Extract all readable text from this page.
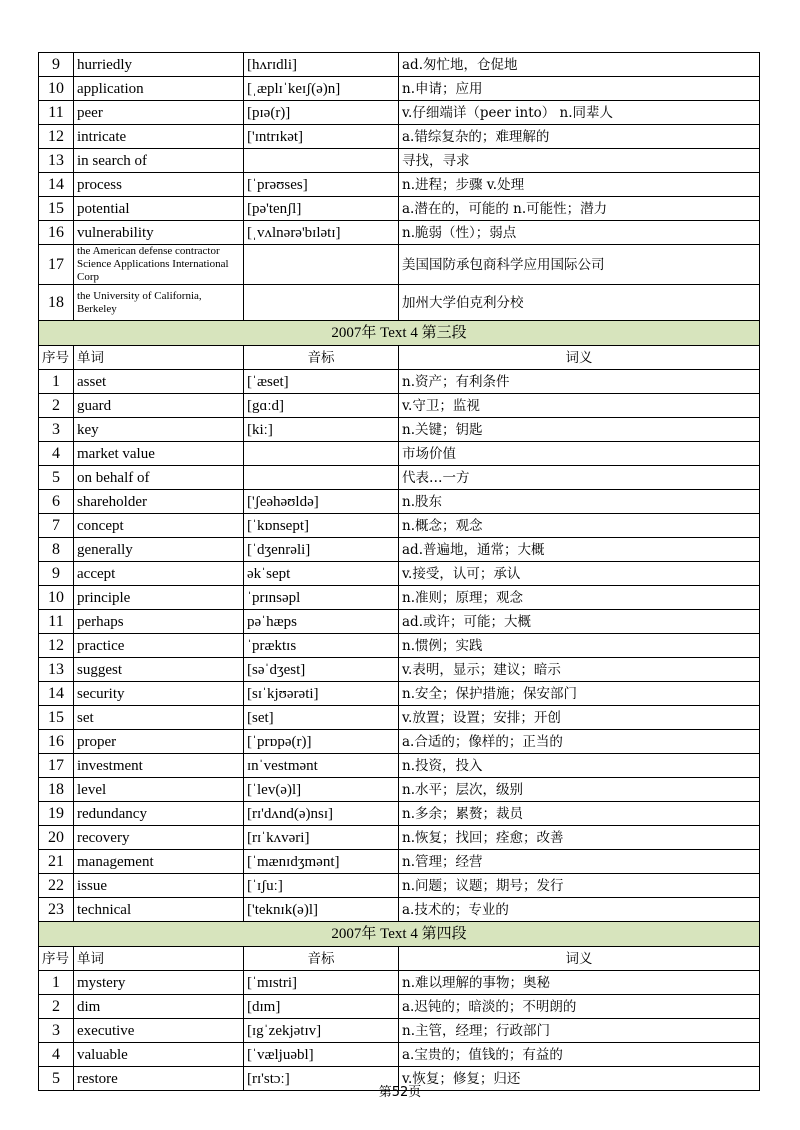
9	hurriedly	[hʌrɪdli]	ad.匆忙地，仓促地
10	application	[ˌæplɪˈkeɪʃ(ə)n]	n.申请；应用
11	peer	[pɪə(r)]	v.仔细端详（peer into） n.同辈人
12	intricate	['ɪntrɪkət]	a.错综复杂的；难理解的
13	in search of		寻找，寻求
14	process	[ˈprəʊses]	n.进程；步骤 v.处理
15	potential	[pə'tenʃl]	a.潜在的，可能的 n.可能性；潜力
16	vulnerability	[ˌvʌlnərə'bɪlətɪ]	n.脆弱（性）；弱点
17	the American defense contractor Science Applications International Corp		美国国防承包商科学应用国际公司
18	the University of California, Berkeley		加州大学伯克利分校
2007年 Text 4 第三段			
序号	单词	音标	词义
1	asset	[ˈæset]	n.资产；有利条件
2	guard	[gɑːd]	v.守卫；监视
3	key	[kiː]	n.关键；钥匙
4	market value		市场价值
5	on behalf of		代表…一方
6	shareholder	['ʃeəhəʊldə]	n.股东
7	concept	[ˈkɒnsept]	n.概念；观念
8	generally	[ˈdʒenrəli]	ad.普遍地，通常；大概
9	accept	əkˈsept	v.接受，认可；承认
10	principle	ˈprɪnsəpl	n.准则；原理；观念
11	perhaps	pəˈhæps	ad.或许；可能；大概
12	practice	ˈpræktɪs	n.惯例；实践
13	suggest	[səˈdʒest]	v.表明，显示；建议；暗示
14	security	[sɪˈkjʊərəti]	n.安全；保护措施；保安部门
15	set	[set]	v.放置；设置；安排；开创
16	proper	[ˈprɒpə(r)]	a.合适的；像样的；正当的
17	investment	ɪnˈvestmənt	n.投资，投入
18	level	[ˈlev(ə)l]	n.水平；层次，级别
19	redundancy	[rɪ'dʌnd(ə)nsɪ]	n.多余；累赘；裁员
20	recovery	[rɪˈkʌvəri]	n.恢复；找回；痊愈；改善
21	management	[ˈmænɪdʒmənt]	n.管理；经营
22	issue	[ˈɪʃuː]	n.问题；议题；期号；发行
23	technical	['teknɪk(ə)l]	a.技术的；专业的
2007年 Text 4 第四段			
序号	单词	音标	词义
1	mystery	[ˈmɪstri]	n.难以理解的事物；奥秘
2	dim	[dɪm]	a.迟钝的；暗淡的；不明朗的
3	executive	[ɪgˈzekjətɪv]	n.主管，经理；行政部门
4	valuable	[ˈvæljuəbl]	a.宝贵的；值钱的；有益的
5	restore	[rɪ'stɔː]	v.恢复；修复；归还
第52页
